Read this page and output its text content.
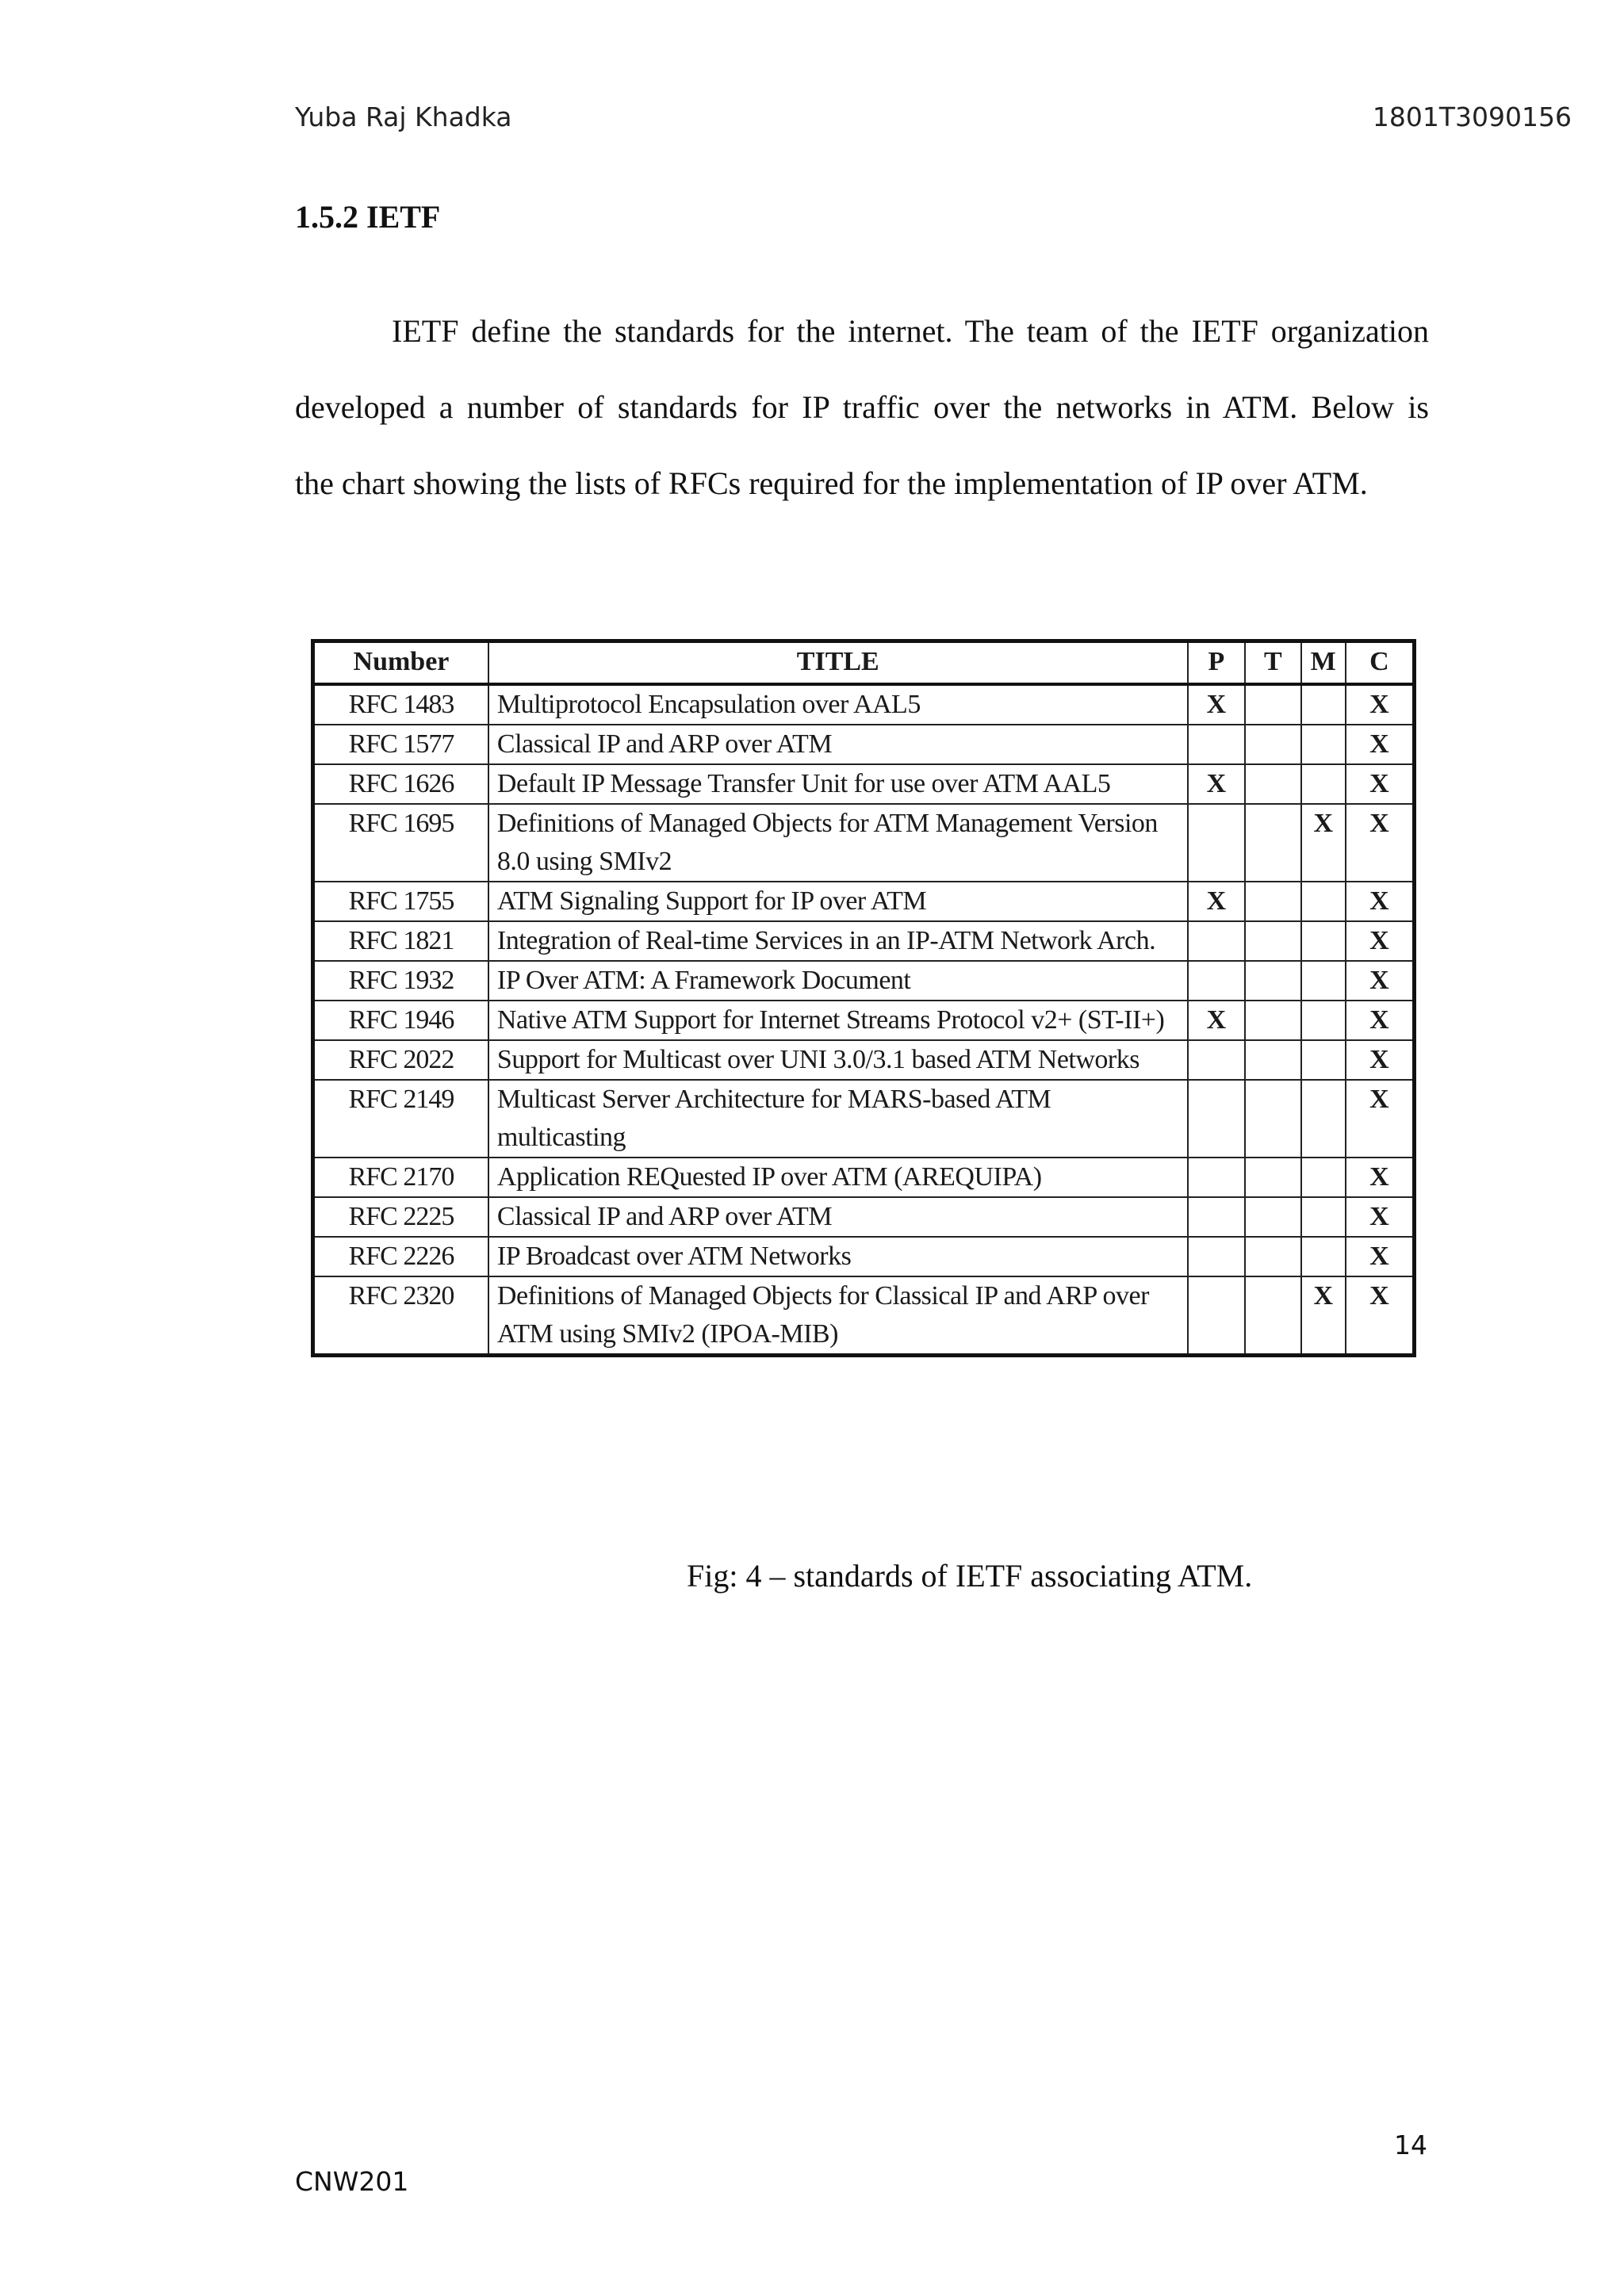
Yuba Raj Khadka	1801T3090156
1.5.2 IETF

IETF define the standards for the internet. The team of the IETF organization
developed a number of standards for IP traffic over the networks in ATM. Below is
the chart showing the lists of RFCs required for the implementation of IP over ATM.

Number	TITLE	P	T	M	C
RFC 1483	Multiprotocol Encapsulation over AAL5	X			X
RFC 1577	Classical IP and ARP over ATM				X
RFC 1626	Default IP Message Transfer Unit for use over ATM AAL5	X			X
RFC 1695	Definitions of Managed Objects for ATM Management Version 8.0 using SMIv2			X	X
RFC 1755	ATM Signaling Support for IP over ATM	X			X
RFC 1821	Integration of Real-time Services in an IP-ATM Network Arch.				X
RFC 1932	IP Over ATM: A Framework Document				X
RFC 1946	Native ATM Support for Internet Streams Protocol v2+ (ST-II+)	X			X
RFC 2022	Support for Multicast over UNI 3.0/3.1 based ATM Networks				X
RFC 2149	Multicast Server Architecture for MARS-based ATM multicasting				X
RFC 2170	Application REQuested IP over ATM (AREQUIPA)				X
RFC 2225	Classical IP and ARP over ATM				X
RFC 2226	IP Broadcast over ATM Networks				X
RFC 2320	Definitions of Managed Objects for Classical IP and ARP over ATM using SMIv2 (IPOA-MIB)			X	X
Fig: 4 – standards of IETF associating ATM.
14
CNW201
